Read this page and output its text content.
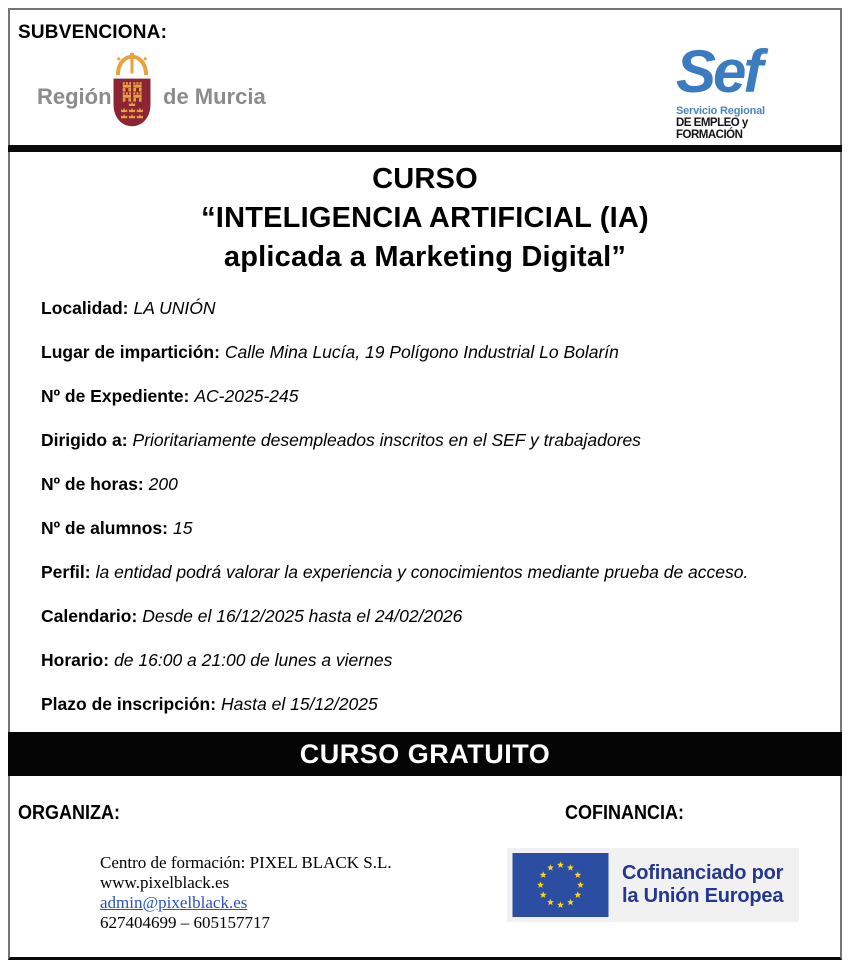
SUBVENCIONA:
Región de Murcia	Sef
Servicio Regional
DE EMPLEO y FORMACIÓN
CURSO
“INTELIGENCIA ARTIFICIAL (IA)
aplicada a Marketing Digital”
Localidad: LA UNIÓN
Lugar de impartición: Calle Mina Lucía, 19 Polígono Industrial Lo Bolarín
Nº de Expediente: AC-2025-245
Dirigido a: Prioritariamente desempleados inscritos en el SEF y trabajadores
Nº de horas: 200
Nº de alumnos: 15
Perfil: la entidad podrá valorar la experiencia y conocimientos mediante prueba de acceso.
Calendario: Desde el 16/12/2025 hasta el 24/02/2026
Horario: de 16:00 a 21:00 de lunes a viernes
Plazo de inscripción: Hasta el 15/12/2025
CURSO GRATUITO
ORGANIZA:	COFINANCIA:
Centro de formación: PIXEL BLACK S.L.
www.pixelblack.es
admin@pixelblack.es
627404699 – 605157717
Cofinanciado por
la Unión Europea
